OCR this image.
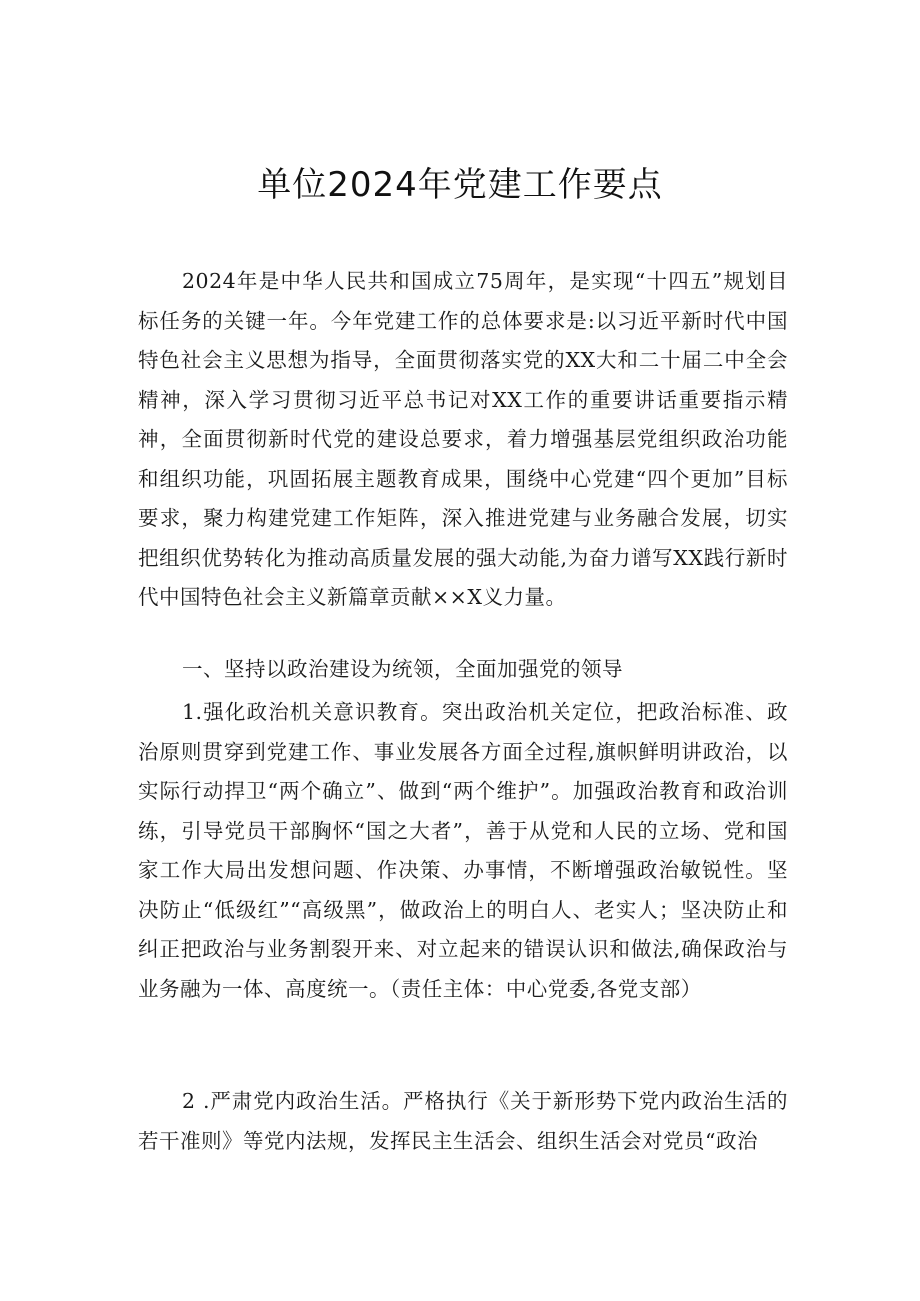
单位2024年党建工作要点

2024年是中华人民共和国成立75周年，是实现“十四五”规划目标任务的关键一年。今年党建工作的总体要求是:以习近平新时代中国特色社会主义思想为指导，全面贯彻落实党的XX大和二十届二中全会精神，深入学习贯彻习近平总书记对XX工作的重要讲话重要指示精神，全面贯彻新时代党的建设总要求，着力增强基层党组织政治功能和组织功能，巩固拓展主题教育成果，围绕中心党建“四个更加”目标要求，聚力构建党建工作矩阵，深入推进党建与业务融合发展，切实把组织优势转化为推动高质量发展的强大动能,为奋力谱写XX践行新时代中国特色社会主义新篇章贡献××X义力量。

一、坚持以政治建设为统领，全面加强党的领导

1.强化政治机关意识教育。突出政治机关定位，把政治标准、政治原则贯穿到党建工作、事业发展各方面全过程,旗帜鲜明讲政治，以实际行动捍卫“两个确立”、做到“两个维护”。加强政治教育和政治训练，引导党员干部胸怀“国之大者”，善于从党和人民的立场、党和国家工作大局出发想问题、作决策、办事情，不断增强政治敏锐性。坚决防止“低级红”“高级黑”，做政治上的明白人、老实人；坚决防止和纠正把政治与业务割裂开来、对立起来的错误认识和做法,确保政治与业务融为一体、高度统一。（责任主体：中心党委,各党支部）

2 .严肃党内政治生活。严格执行《关于新形势下党内政治生活的若干准则》等党内法规，发挥民主生活会、组织生活会对党员“政治
